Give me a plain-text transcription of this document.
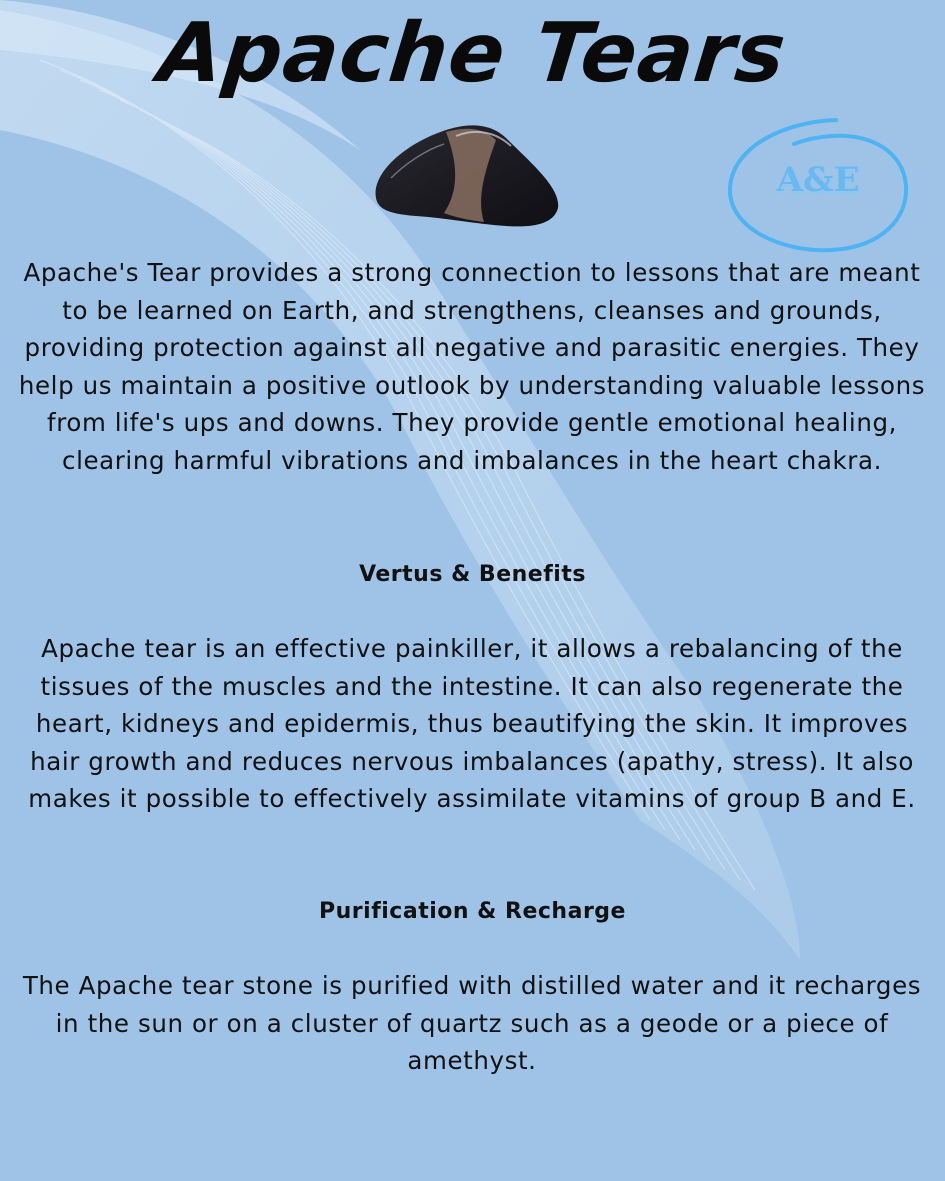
Apache Tears
A&E

Apache's Tear provides a strong connection to lessons that are meant to be learned on Earth, and strengthens, cleanses and grounds, providing protection against all negative and parasitic energies. They help us maintain a positive outlook by understanding valuable lessons from life's ups and downs. They provide gentle emotional healing, clearing harmful vibrations and imbalances in the heart chakra.

Vertus & Benefits

Apache tear is an effective painkiller, it allows a rebalancing of the tissues of the muscles and the intestine. It can also regenerate the heart, kidneys and epidermis, thus beautifying the skin. It improves hair growth and reduces nervous imbalances (apathy, stress). It also makes it possible to effectively assimilate vitamins of group B and E.

Purification & Recharge

The Apache tear stone is purified with distilled water and it recharges in the sun or on a cluster of quartz such as a geode or a piece of amethyst.
